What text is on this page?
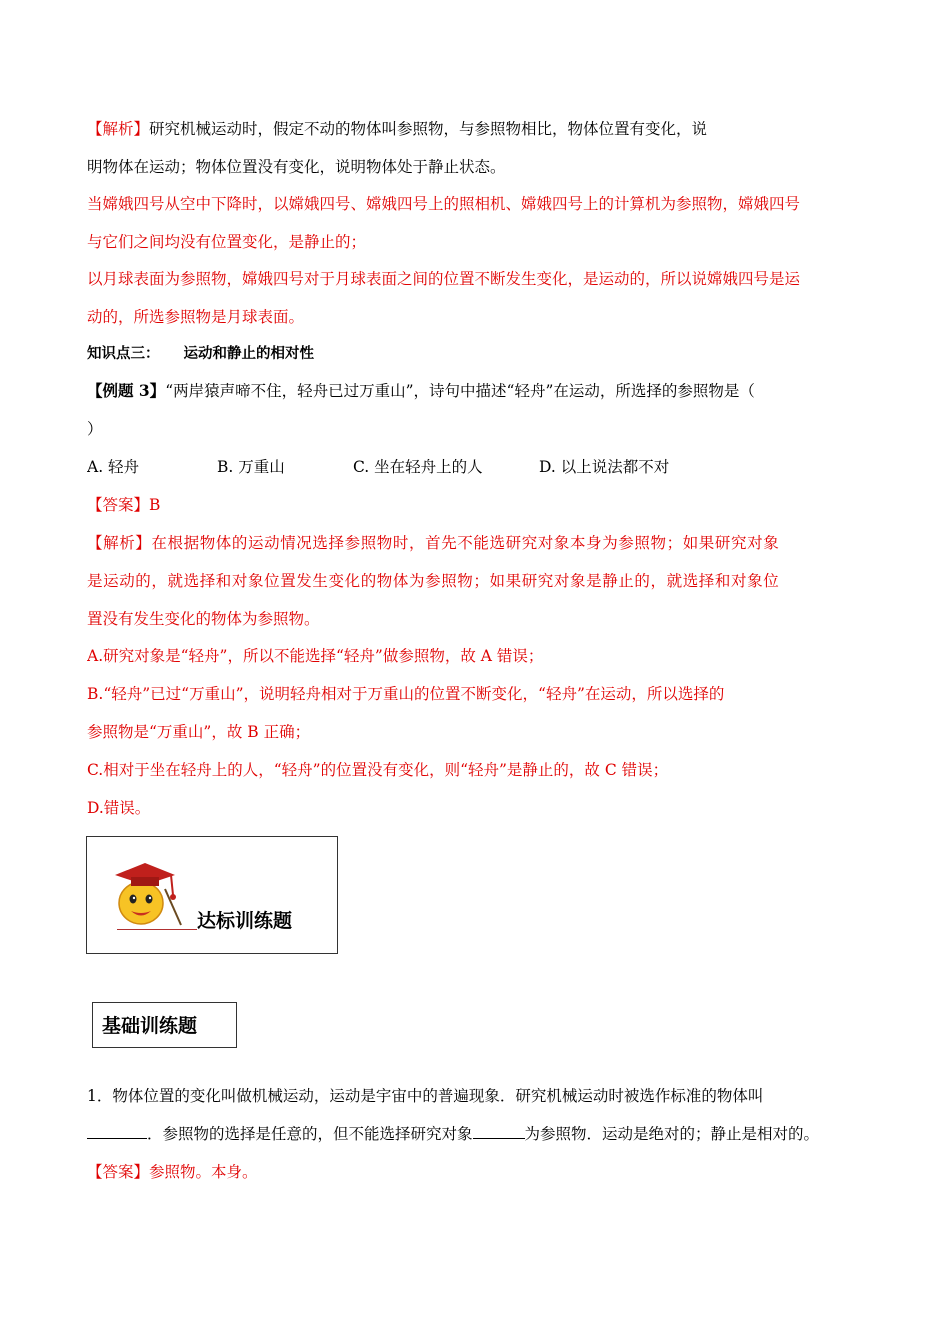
【解析】研究机械运动时，假定不动的物体叫参照物，与参照物相比，物体位置有变化，说
明物体在运动；物体位置没有变化，说明物体处于静止状态。
当嫦娥四号从空中下降时，以嫦娥四号、嫦娥四号上的照相机、嫦娥四号上的计算机为参照物，嫦娥四号
与它们之间均没有位置变化，是静止的；
以月球表面为参照物，嫦娥四号对于月球表面之间的位置不断发生变化，是运动的，所以说嫦娥四号是运
动的，所选参照物是月球表面。
知识点三： 运动和静止的相对性
【例题 3】“两岸猿声啼不住，轻舟已过万重山”，诗句中描述“轻舟”在运动，所选择的参照物是（
）
A. 轻舟	B. 万重山	C. 坐在轻舟上的人	D. 以上说法都不对
【答案】B
【解析】在根据物体的运动情况选择参照物时，首先不能选研究对象本身为参照物；如果研究对象
是运动的，就选择和对象位置发生变化的物体为参照物；如果研究对象是静止的，就选择和对象位
置没有发生变化的物体为参照物。
A.研究对象是“轻舟”，所以不能选择“轻舟”做参照物，故 A 错误；
B.“轻舟”已过“万重山”，说明轻舟相对于万重山的位置不断变化，“轻舟”在运动，所以选择的
参照物是“万重山”，故 B 正确；
C.相对于坐在轻舟上的人，“轻舟”的位置没有变化，则“轻舟”是静止的，故 C 错误；
D.错误。
达标训练题
基础训练题
1．物体位置的变化叫做机械运动，运动是宇宙中的普遍现象．研究机械运动时被选作标准的物体叫
．参照物的选择是任意的，但不能选择研究对象	为参照物．运动是绝对的；静止是相对的。
【答案】参照物。本身。
